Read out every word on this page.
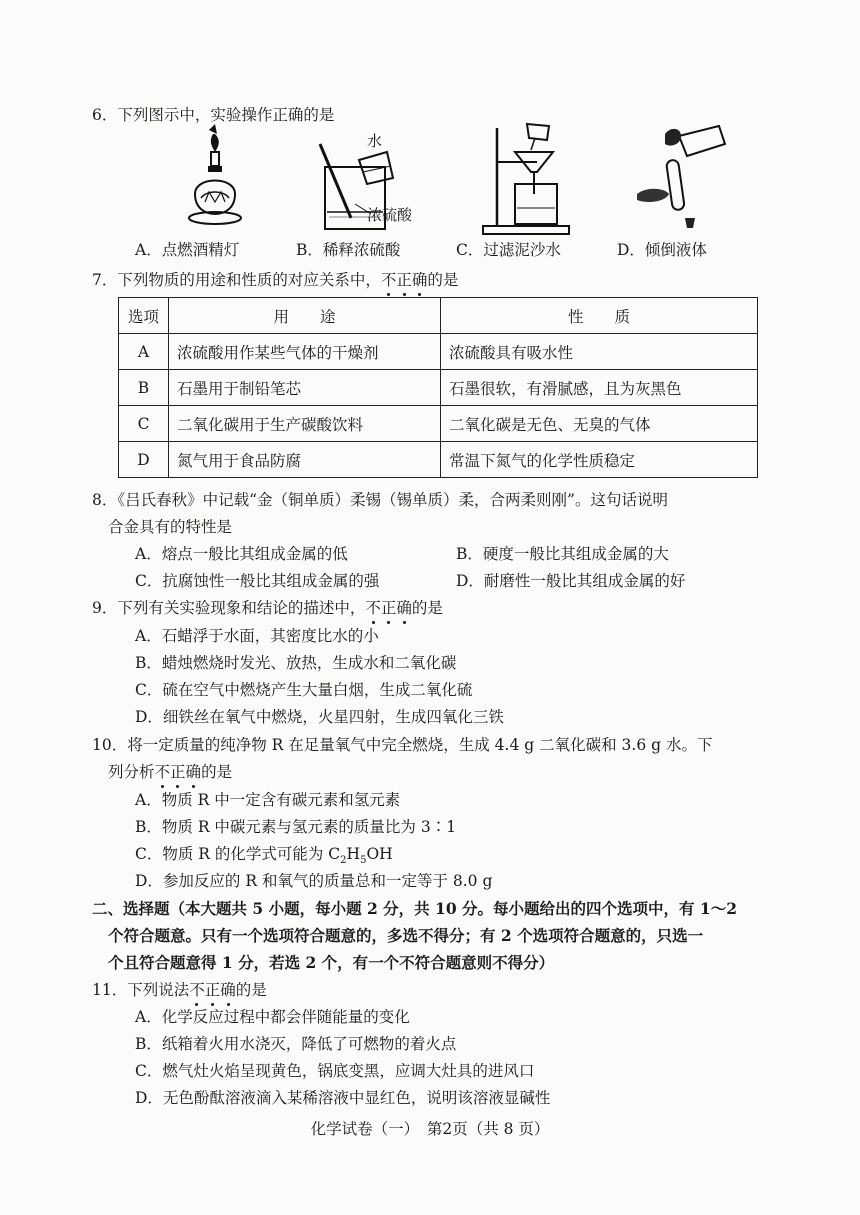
6．下列图示中，实验操作正确的是
水
浓硫酸
A．点燃酒精灯	B．稀释浓硫酸	C．过滤泥沙水	D．倾倒液体
7．下列物质的用途和性质的对应关系中，不正确的是
选项	用　　途	性　　质
A	浓硫酸用作某些气体的干燥剂	浓硫酸具有吸水性
B	石墨用于制铅笔芯	石墨很软，有滑腻感，且为灰黑色
C	二氧化碳用于生产碳酸饮料	二氧化碳是无色、无臭的气体
D	氮气用于食品防腐	常温下氮气的化学性质稳定
8．《吕氏春秋》中记载“金（铜单质）柔锡（锡单质）柔，合两柔则刚”。这句话说明
合金具有的特性是
A．熔点一般比其组成金属的低	B．硬度一般比其组成金属的大
C．抗腐蚀性一般比其组成金属的强	D．耐磨性一般比其组成金属的好
9．下列有关实验现象和结论的描述中，不正确的是
A．石蜡浮于水面，其密度比水的小
B．蜡烛燃烧时发光、放热，生成水和二氧化碳
C．硫在空气中燃烧产生大量白烟，生成二氧化硫
D．细铁丝在氧气中燃烧，火星四射，生成四氧化三铁
10．将一定质量的纯净物 R 在足量氧气中完全燃烧，生成 4.4 g 二氧化碳和 3.6 g 水。下
列分析不正确的是
A．物质 R 中一定含有碳元素和氢元素
B．物质 R 中碳元素与氢元素的质量比为 3∶1
C．物质 R 的化学式可能为 $C_2H_5OH$
D．参加反应的 R 和氧气的质量总和一定等于 8.0 g
二、选择题（本大题共 5 小题，每小题 2 分，共 10 分。每小题给出的四个选项中，有 1～2
个符合题意。只有一个选项符合题意的，多选不得分；有 2 个选项符合题意的，只选一
个且符合题意得 1 分，若选 2 个，有一个不符合题意则不得分）
11．下列说法不正确的是
A．化学反应过程中都会伴随能量的变化
B．纸箱着火用水浇灭，降低了可燃物的着火点
C．燃气灶火焰呈现黄色，锅底变黑，应调大灶具的进风口
D．无色酚酞溶液滴入某稀溶液中显红色，说明该溶液显碱性
化学试卷（一）　第2页（共 8 页）
